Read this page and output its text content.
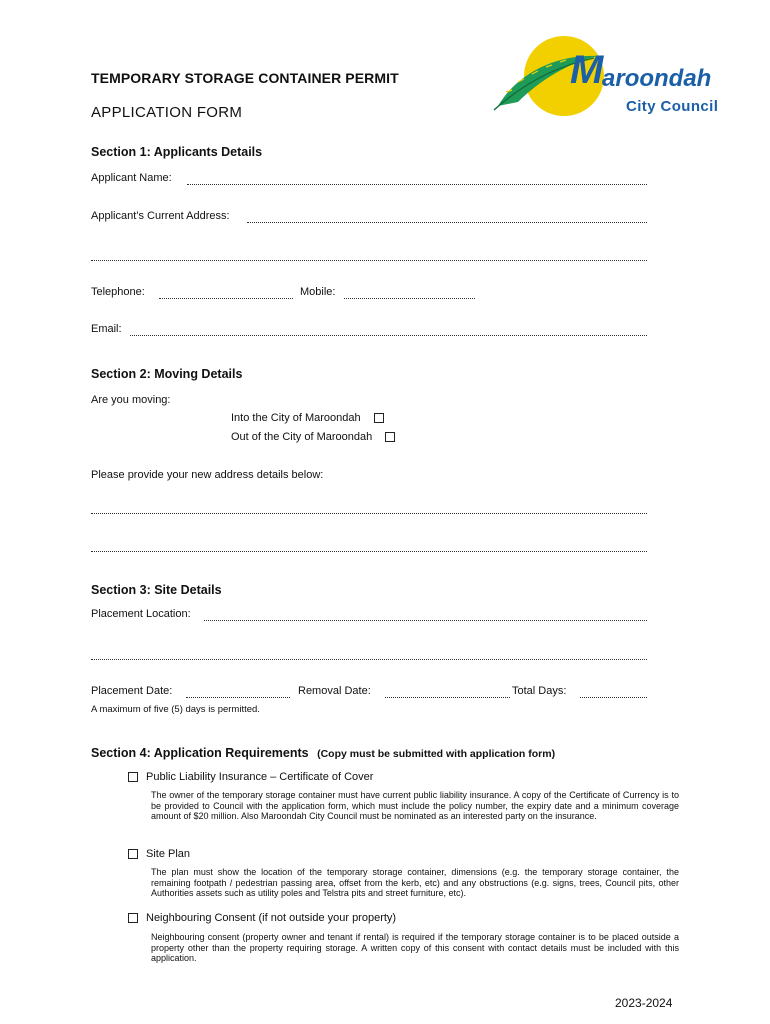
TEMPORARY STORAGE CONTAINER PERMIT
APPLICATION FORM
M
aroondah
City Council
Section 1: Applicants Details
Applicant Name:
Applicant’s Current Address:
Telephone:	Mobile:
Email:
Section 2: Moving Details
Are you moving:
Into the City of Maroondah
Out of the City of Maroondah
Please provide your new address details below:
Section 3: Site Details
Placement Location:
Placement Date:	Removal Date:	Total Days:
A maximum of five (5) days is permitted.
Section 4: Application Requirements (Copy must be submitted with application form)
Public Liability Insurance – Certificate of Cover
The owner of the temporary storage container must have current public liability insurance. A copy of the Certificate of Currency is to be provided to Council with the application form, which must include the policy number, the expiry date and a minimum coverage amount of $20 million. Also Maroondah City Council must be nominated as an interested party on the insurance.
Site Plan
The plan must show the location of the temporary storage container, dimensions (e.g. the temporary storage container, the remaining footpath / pedestrian passing area, offset from the kerb, etc) and any obstructions (e.g. signs, trees, Council pits, other Authorities assets such as utility poles and Telstra pits and street furniture, etc).
Neighbouring Consent (if not outside your property)
Neighbouring consent (property owner and tenant if rental) is required if the temporary storage container is to be placed outside a property other than the property requiring storage. A written copy of this consent with contact details must be included with this application.
2023-2024
